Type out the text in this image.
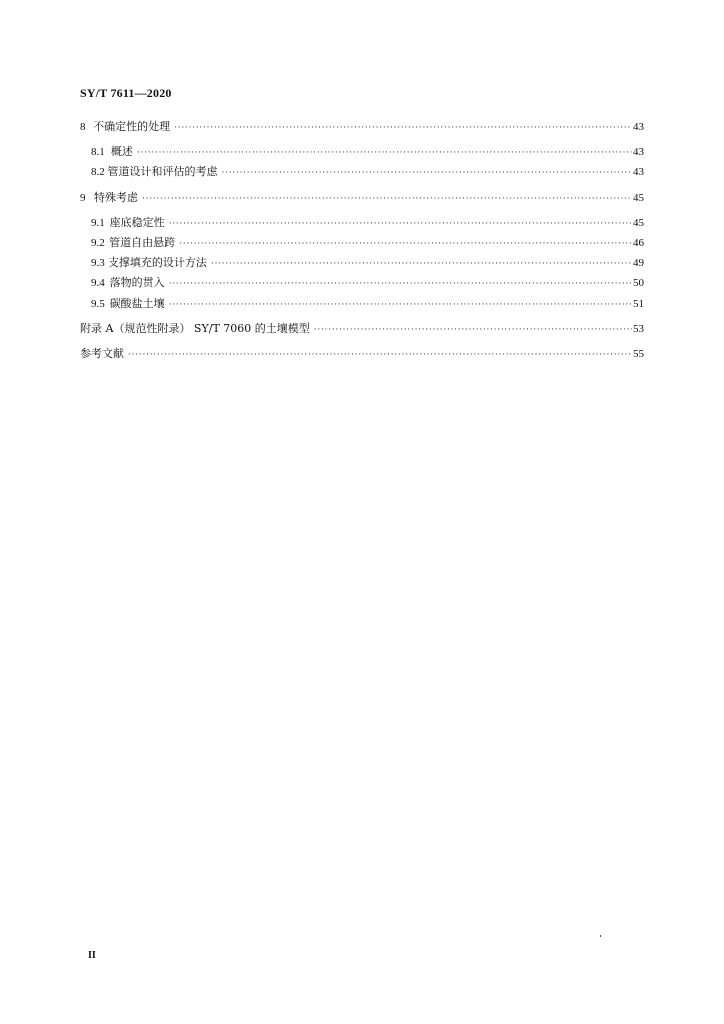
SY/T 7611—2020
8 不确定性的处理 ·····	43
8.1 概述 ·····	43
8.2 管道设计和评估的考虑 ·····	43
9 特殊考虑 ·····	45
9.1 座底稳定性 ·····	45
9.2 管道自由悬跨 ·····	46
9.3 支撑填充的设计方法 ·····	49
9.4 落物的贯入 ·····	50
9.5 碳酸盐土壤 ·····	51
附录 A（规范性附录） SY/T 7060 的土壤模型 ·····	53
参考文献 ·····	55
II
